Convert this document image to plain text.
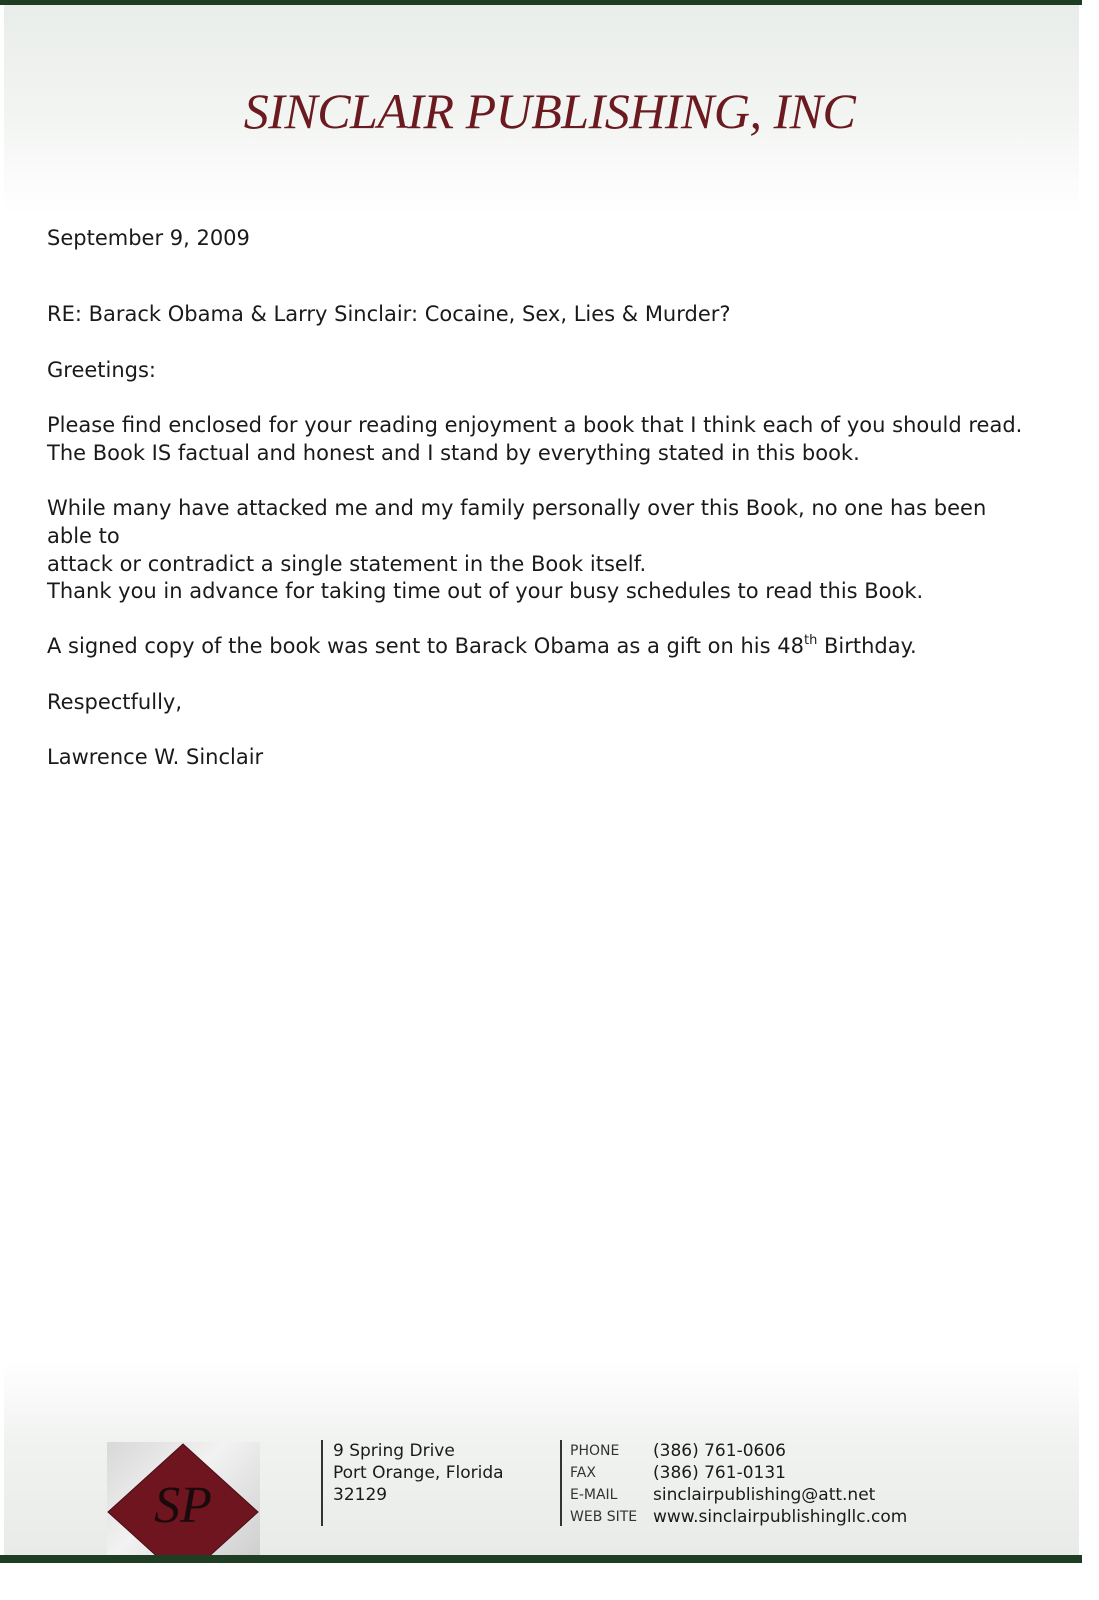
SINCLAIR PUBLISHING, INC

September 9, 2009

RE: Barack Obama & Larry Sinclair: Cocaine, Sex, Lies & Murder?

Greetings:

Please find enclosed for your reading enjoyment a book that I think each of you should read.
The Book IS factual and honest and I stand by everything stated in this book.
While many have attacked me and my family personally over this Book, no one has been able to
attack or contradict a single statement in the Book itself.

Thank you in advance for taking time out of your busy schedules to read this Book.

A signed copy of the book was sent to Barack Obama as a gift on his 48th Birthday.

Respectfully,

Lawrence W. Sinclair

SP
9 Spring Drive
Port Orange, Florida
32129
PHONE (386) 761-0606
FAX	(386) 761-0131
E-MAIL sinclairpublishing@att.net
WEB SITE www.sinclairpublishingllc.com
